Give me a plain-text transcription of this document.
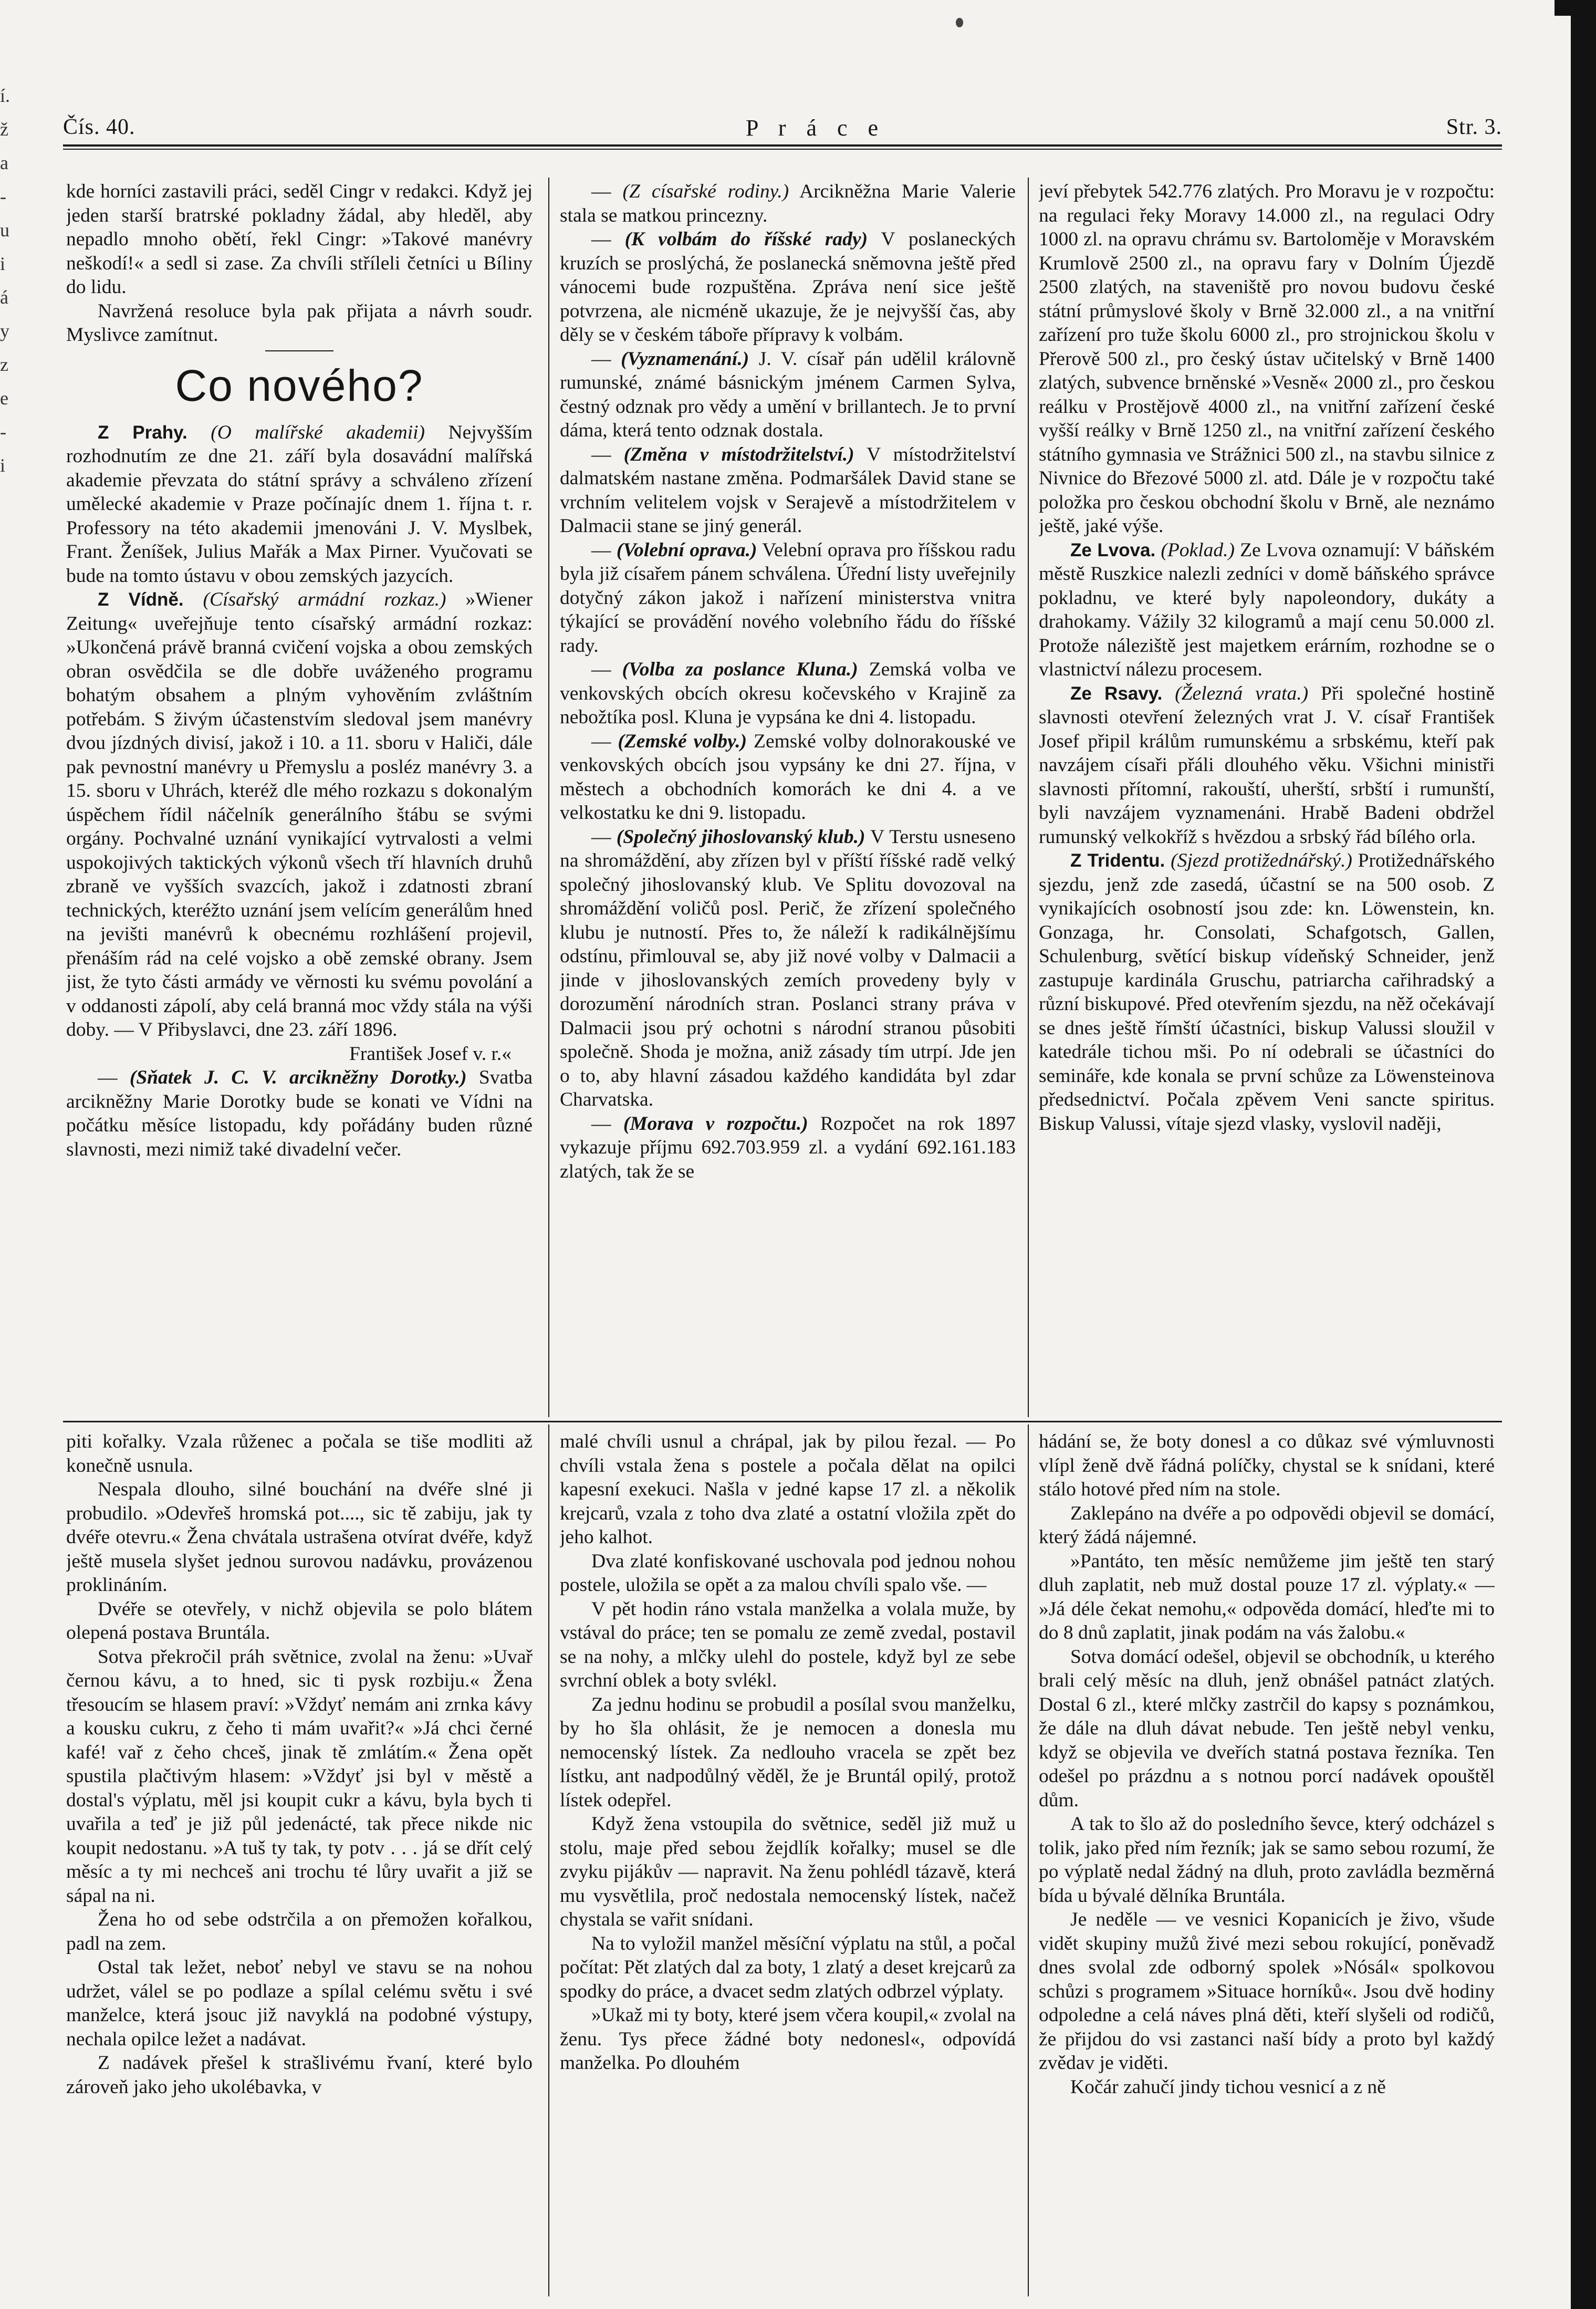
í.
ž
a
-
u
i
á
y
z
e
-
i
Čís. 40.	P r á c e	Str. 3.

kde horníci zastavili práci, seděl Cingr v redakci. Když jej jeden starší bratrské pokladny žádal, aby hleděl, aby nepadlo mnoho obětí, řekl Cingr: »Takové manévry neškodí!« a sedl si zase. Za chvíli stříleli četníci u Bíliny do lidu.

Navržená resoluce byla pak přijata a návrh soudr. Myslivce zamítnut.

Co nového?

Z Prahy. (O malířské akademii) Nejvyšším rozhodnutím ze dne 21. září byla dosavádní malířská akademie převzata do státní správy a schváleno zřízení umělecké akademie v Praze počínajíc dnem 1. října t. r. Professory na této akademii jmenováni J. V. Myslbek, Frant. Ženíšek, Julius Mařák a Max Pirner. Vyučovati se bude na tomto ústavu v obou zemských jazycích.

Z Vídně. (Císařský armádní rozkaz.) »Wiener Zeitung« uveřejňuje tento císařský armádní rozkaz: »Ukončená právě branná cvičení vojska a obou zemských obran osvědčila se dle dobře uváženého programu bohatým obsahem a plným vyhověním zvláštním potřebám. S živým účastenstvím sledoval jsem manévry dvou jízdných divisí, jakož i 10. a 11. sboru v Haliči, dále pak pevnostní manévry u Přemyslu a posléz manévry 3. a 15. sboru v Uhrách, kteréž dle mého rozkazu s dokonalým úspěchem řídil náčelník generálního štábu se svými orgány. Pochvalné uznání vynikající vytrvalosti a velmi uspokojivých taktických výkonů všech tří hlavních druhů zbraně ve vyšších svazcích, jakož i zdatnosti zbraní technických, kteréžto uznání jsem velícím generálům hned na jevišti manévrů k obecnému rozhlášení projevil, přenáším rád na celé vojsko a obě zemské obrany. Jsem jist, že tyto části armády ve věrnosti ku svému povolání a v oddanosti zápolí, aby celá branná moc vždy stála na výši doby. — V Přibyslavci, dne 23. září 1896.

František Josef v. r.«

— (Sňatek J. C. V. arcikněžny Dorotky.) Svatba arcikněžny Marie Dorotky bude se konati ve Vídni na počátku měsíce listopadu, kdy pořádány buden různé slavnosti, mezi nimiž také divadelní večer.

— (Z císařské rodiny.) Arcikněžna Marie Valerie stala se matkou princezny.

— (K volbám do říšské rady) V poslaneckých kruzích se proslýchá, že poslanecká sněmovna ještě před vánocemi bude rozpuštěna. Zpráva není sice ještě potvrzena, ale nicméně ukazuje, že je nejvyšší čas, aby děly se v českém táboře přípravy k volbám.

— (Vyznamenání.) J. V. císař pán udělil královně rumunské, známé básnickým jménem Carmen Sylva, čestný odznak pro vědy a umění v brillantech. Je to první dáma, která tento odznak dostala.

— (Změna v místodržitelství.) V místodržitelství dalmatském nastane změna. Podmaršálek David stane se vrchním velitelem vojsk v Serajevě a místodržitelem v Dalmacii stane se jiný generál.

— (Volební oprava.) Velební oprava pro říšskou radu byla již císařem pánem schválena. Úřední listy uveřejnily dotyčný zákon jakož i nařízení ministerstva vnitra týkající se provádění nového volebního řádu do říšské rady.

— (Volba za poslance Kluna.) Zemská volba ve venkovských obcích okresu kočevského v Krajině za nebožtíka posl. Kluna je vypsána ke dni 4. listopadu.

— (Zemské volby.) Zemské volby dolnorakouské ve venkovských obcích jsou vypsány ke dni 27. října, v městech a obchodních komorách ke dni 4. a ve velkostatku ke dni 9. listopadu.

— (Společný jihoslovanský klub.) V Terstu usneseno na shromáždění, aby zřízen byl v příští říšské radě velký společný jihoslovanský klub. Ve Splitu dovozoval na shromáždění voličů posl. Perič, že zřízení společného klubu je nutností. Přes to, že náleží k radikálnějšímu odstínu, přimlouval se, aby již nové volby v Dalmacii a jinde v jihoslovanských zemích provedeny byly v dorozumění národních stran. Poslanci strany práva v Dalmacii jsou prý ochotni s národní stranou působiti společně. Shoda je možna, aniž zásady tím utrpí. Jde jen o to, aby hlavní zásadou každého kandidáta byl zdar Charvatska.

— (Morava v rozpočtu.) Rozpočet na rok 1897 vykazuje příjmu 692.703.959 zl. a vydání 692.161.183 zlatých, tak že se

jeví přebytek 542.776 zlatých. Pro Moravu je v rozpočtu: na regulaci řeky Moravy 14.000 zl., na regulaci Odry 1000 zl. na opravu chrámu sv. Bartoloměje v Moravském Krumlově 2500 zl., na opravu fary v Dolním Újezdě 2500 zlatých, na staveniště pro novou budovu české státní průmyslové školy v Brně 32.000 zl., a na vnitřní zařízení pro tuže školu 6000 zl., pro strojnickou školu v Přerově 500 zl., pro český ústav učitelský v Brně 1400 zlatých, subvence brněnské »Vesně« 2000 zl., pro českou reálku v Prostějově 4000 zl., na vnitřní zařízení české vyšší reálky v Brně 1250 zl., na vnitřní zařízení českého státního gymnasia ve Strážnici 500 zl., na stavbu silnice z Nivnice do Březové 5000 zl. atd. Dále je v rozpočtu také položka pro českou obchodní školu v Brně, ale neznámo ještě, jaké výše.

Ze Lvova. (Poklad.) Ze Lvova oznamují: V báňském městě Ruszkice nalezli zedníci v domě báňského správce pokladnu, ve které byly napoleondory, dukáty a drahokamy. Vážily 32 kilogramů a mají cenu 50.000 zl. Protože náleziště jest majetkem erárním, rozhodne se o vlastnictví nálezu procesem.

Ze Rsavy. (Železná vrata.) Při společné hostině slavnosti otevření železných vrat J. V. císař František Josef připil králům rumunskému a srbskému, kteří pak navzájem císaři přáli dlouhého věku. Všichni ministři slavnosti přítomní, rakouští, uherští, srbští i rumunští, byli navzájem vyznamenáni. Hrabě Badeni obdržel rumunský velkokříž s hvězdou a srbský řád bílého orla.

Z Tridentu. (Sjezd protižednářský.) Protižednářského sjezdu, jenž zde zasedá, účastní se na 500 osob. Z vynikajících osobností jsou zde: kn. Löwenstein, kn. Gonzaga, hr. Consolati, Schafgotsch, Gallen, Schulenburg, světící biskup vídeňský Schneider, jenž zastupuje kardinála Gruschu, patriarcha cařihradský a různí biskupové. Před otevřením sjezdu, na něž očekávají se dnes ještě římští účastníci, biskup Valussi sloužil v katedrále tichou mši. Po ní odebrali se účastníci do semináře, kde konala se první schůze za Löwensteinova předsednictví. Počala zpěvem Veni sancte spiritus. Biskup Valussi, vítaje sjezd vlasky, vyslovil naději,

piti kořalky. Vzala růženec a počala se tiše modliti až konečně usnula.

Nespala dlouho, silné bouchání na dvéře slné ji probudilo. »Odevřeš hromská pot...., sic tě zabiju, jak ty dvéře otevru.« Žena chvátala ustrašena otvírat dvéře, když ještě musela slyšet jednou surovou nadávku, provázenou proklináním.

Dvéře se otevřely, v nichž objevila se polo blátem olepená postava Bruntála.

Sotva překročil práh světnice, zvolal na ženu: »Uvař černou kávu, a to hned, sic ti pysk rozbiju.« Žena třesoucím se hlasem praví: »Vždyť nemám ani zrnka kávy a kousku cukru, z čeho ti mám uvařit?« »Já chci černé kafé! vař z čeho chceš, jinak tě zmlátím.« Žena opět spustila plačtivým hlasem: »Vždyť jsi byl v městě a dostal's výplatu, měl jsi koupit cukr a kávu, byla bych ti uvařila a teď je již půl jedenácté, tak přece nikde nic koupit nedostanu. »A tuš ty tak, ty potv . . . já se dřít celý měsíc a ty mi nechceš ani trochu té lůry uvařit a již se sápal na ni.

Žena ho od sebe odstrčila a on přemožen kořalkou, padl na zem.

Ostal tak ležet, neboť nebyl ve stavu se na nohou udržet, válel se po podlaze a spílal celému světu i své manželce, která jsouc již navyklá na podobné výstupy, nechala opilce ležet a nadávat.

Z nadávek přešel k strašlivému řvaní, které bylo zároveň jako jeho ukolébavka, v

malé chvíli usnul a chrápal, jak by pilou řezal. — Po chvíli vstala žena s postele a počala dělat na opilci kapesní exekuci. Našla v jedné kapse 17 zl. a několik krejcarů, vzala z toho dva zlaté a ostatní vložila zpět do jeho kalhot.

Dva zlaté konfiskované uschovala pod jednou nohou postele, uložila se opět a za malou chvíli spalo vše. —

V pět hodin ráno vstala manželka a volala muže, by vstával do práce; ten se pomalu ze země zvedal, postavil se na nohy, a mlčky ulehl do postele, když byl ze sebe svrchní oblek a boty svlékl.

Za jednu hodinu se probudil a posílal svou manželku, by ho šla ohlásit, že je nemocen a donesla mu nemocenský lístek. Za nedlouho vracela se zpět bez lístku, ant nadpodůlný věděl, že je Bruntál opilý, protož lístek odepřel.

Když žena vstoupila do světnice, seděl již muž u stolu, maje před sebou žejdlík kořalky; musel se dle zvyku pijákův — napravit. Na ženu pohlédl tázavě, která mu vysvětlila, proč nedostala nemocenský lístek, načež chystala se vařit snídani.

Na to vyložil manžel měsíční výplatu na stůl, a počal počítat: Pět zlatých dal za boty, 1 zlatý a deset krejcarů za spodky do práce, a dvacet sedm zlatých odbrzel výplaty.

»Ukaž mi ty boty, které jsem včera koupil,« zvolal na ženu. Tys přece žádné boty nedonesl«, odpovídá manželka. Po dlouhém

hádání se, že boty donesl a co důkaz své výmluvnosti vlípl ženě dvě řádná políčky, chystal se k snídani, které stálo hotové před ním na stole.

Zaklepáno na dvéře a po odpovědi objevil se domácí, který žádá nájemné.

»Pantáto, ten měsíc nemůžeme jim ještě ten starý dluh zaplatit, neb muž dostal pouze 17 zl. výplaty.« — »Já déle čekat nemohu,« odpověda domácí, hleďte mi to do 8 dnů zaplatit, jinak podám na vás žalobu.«

Sotva domácí odešel, objevil se obchodník, u kterého brali celý měsíc na dluh, jenž obnášel patnáct zlatých. Dostal 6 zl., které mlčky zastrčil do kapsy s poznámkou, že dále na dluh dávat nebude. Ten ještě nebyl venku, když se objevila ve dveřích statná postava řezníka. Ten odešel po prázdnu a s notnou porcí nadávek opouštěl dům.

A tak to šlo až do posledního ševce, který odcházel s tolik, jako před ním řezník; jak se samo sebou rozumí, že po výplatě nedal žádný na dluh, proto zavládla bezměrná bída u bývalé dělníka Bruntála.

Je neděle — ve vesnici Kopanicích je živo, všude vidět skupiny mužů živé mezi sebou rokující, poněvadž dnes svolal zde odborný spolek »Nósál« spolkovou schůzi s programem »Situace horníků«. Jsou dvě hodiny odpoledne a celá náves plná děti, kteří slyšeli od rodičů, že přijdou do vsi zastanci naší bídy a proto byl každý zvědav je viděti.

Kočár zahučí jindy tichou vesnicí a z ně
